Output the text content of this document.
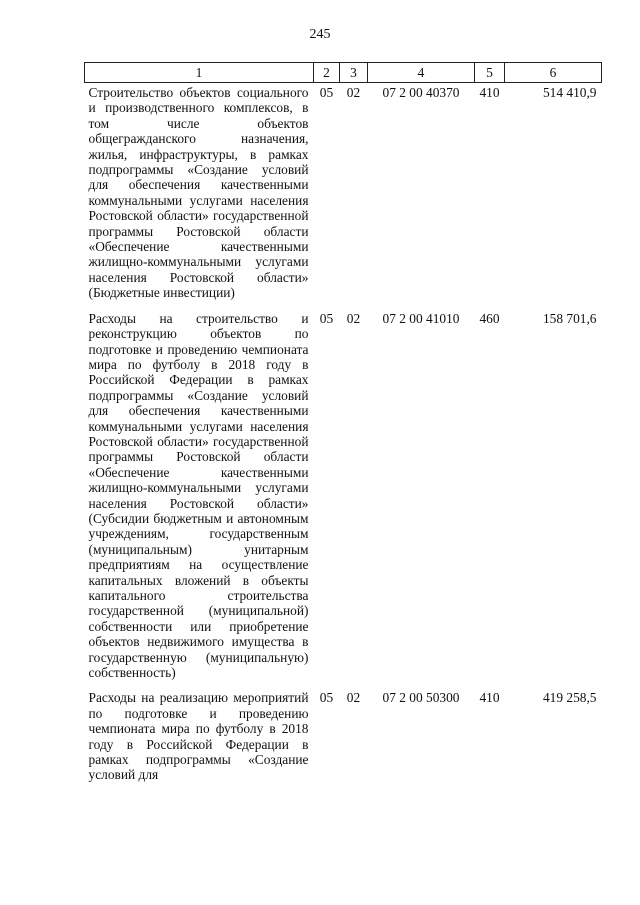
245
1	2	3	4	5	6
Строительство объектов социального и производственного комплексов, в том числе объектов общегражданского назначения, жилья, инфраструктуры, в рамках подпрограммы «Создание условий для обеспечения качественными коммунальными услугами населения Ростовской области» государственной программы Ростовской области «Обеспечение качественными жилищно-коммунальными услугами населения Ростовской области» (Бюджетные инвестиции)	05	02	07 2 00 40370	410	514 410,9
Расходы на строительство и реконструкцию объектов по подготовке и проведению чемпионата мира по футболу в 2018 году в Российской Федерации в рамках подпрограммы «Создание условий для обеспечения качественными коммунальными услугами населения Ростовской области» государственной программы Ростовской области «Обеспечение качественными жилищно-коммунальными услугами населения Ростовской области» (Субсидии бюджетным и автономным учреждениям, государственным (муниципальным) унитарным предприятиям на осуществление капитальных вложений в объекты капитального строительства государственной (муниципальной) собственности или приобретение объектов недвижимого имущества в государственную (муниципальную) собственность)	05	02	07 2 00 41010	460	158 701,6
Расходы на реализацию мероприятий по подготовке и проведению чемпионата мира по футболу в 2018 году в Российской Федерации в рамках подпрограммы «Создание условий для	05	02	07 2 00 50300	410	419 258,5
